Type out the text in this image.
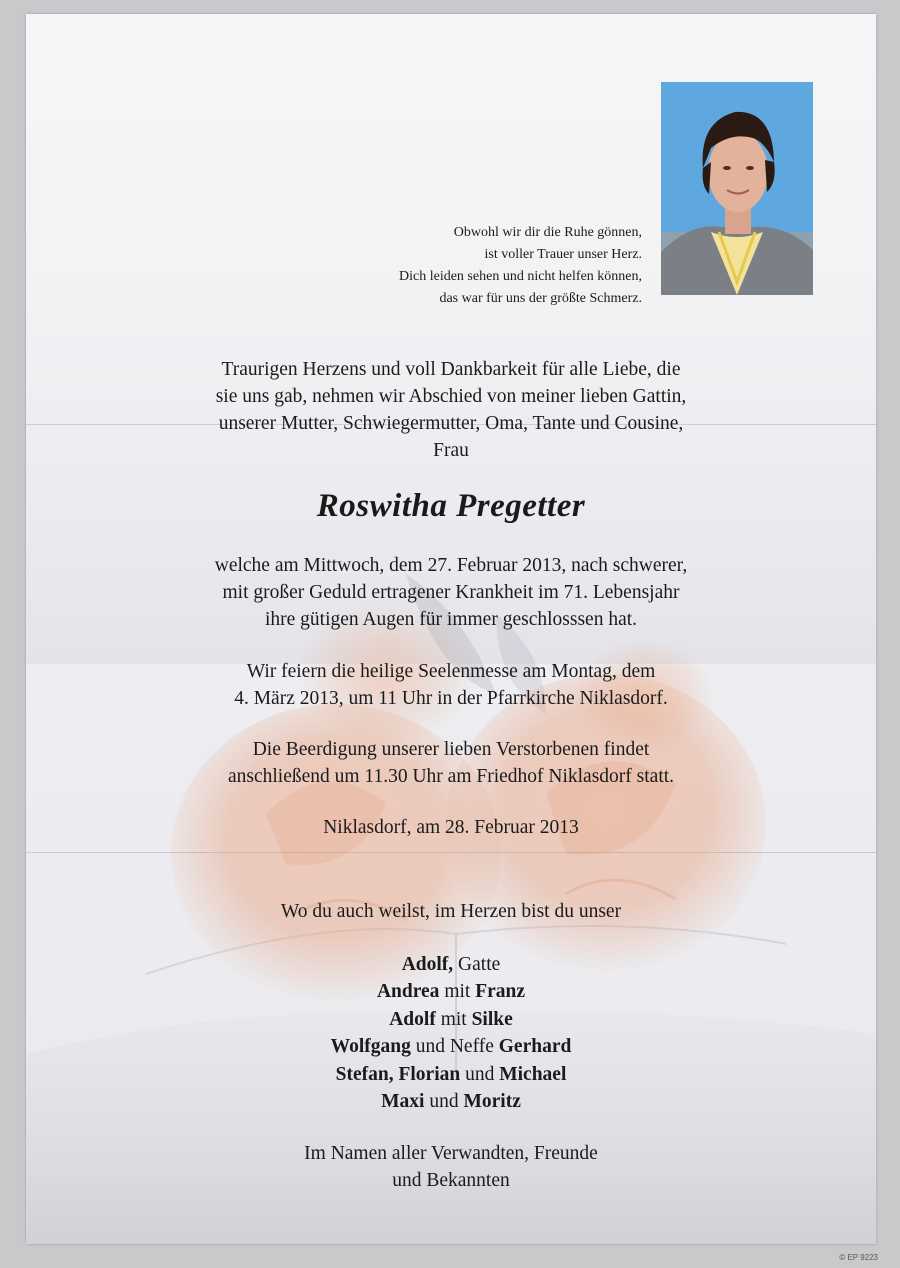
Obwohl wir dir die Ruhe gönnen,
ist voller Trauer unser Herz.
Dich leiden sehen und nicht helfen können,
das war für uns der größte Schmerz.
Traurigen Herzens und voll Dankbarkeit für alle Liebe, die
sie uns gab, nehmen wir Abschied von meiner lieben Gattin,
unserer Mutter, Schwiegermutter, Oma, Tante und Cousine,
Frau
Roswitha Pregetter
welche am Mittwoch, dem 27. Februar 2013, nach schwerer,
mit großer Geduld ertragener Krankheit im 71. Lebensjahr
ihre gütigen Augen für immer geschlosssen hat.
Wir feiern die heilige Seelenmesse am Montag, dem
4. März 2013, um 11 Uhr in der Pfarrkirche Niklasdorf.
Die Beerdigung unserer lieben Verstorbenen findet
anschließend um 11.30 Uhr am Friedhof Niklasdorf statt.
Niklasdorf, am 28. Februar 2013
Wo du auch weilst, im Herzen bist du unser
Adolf, Gatte
Andrea mit Franz
Adolf mit Silke
Wolfgang und Neffe Gerhard
Stefan, Florian und Michael
Maxi und Moritz
Im Namen aller Verwandten, Freunde
und Bekannten
© EP 9223
